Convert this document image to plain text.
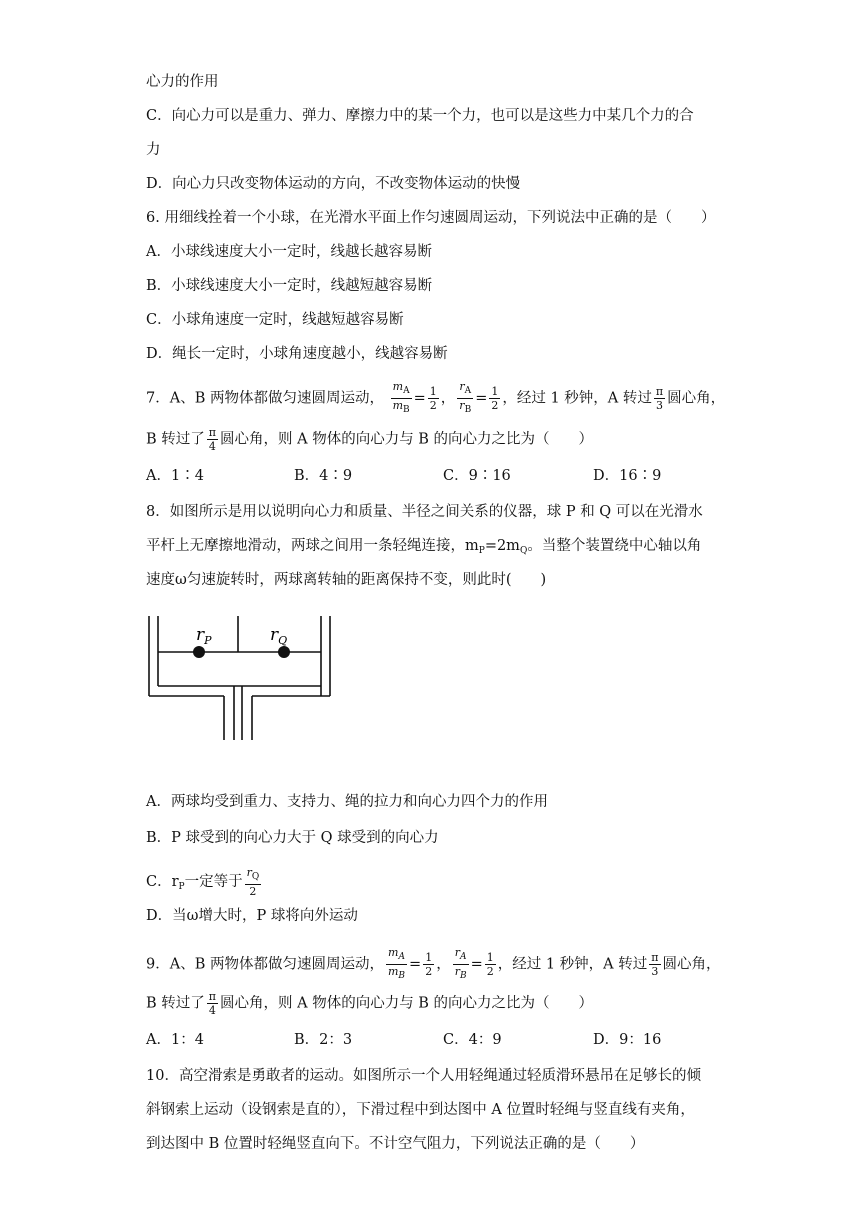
心力的作用
C．向心力可以是重力、弹力、摩擦力中的某一个力，也可以是这些力中某几个力的合
力
D．向心力只改变物体运动的方向，不改变物体运动的快慢
6. 用细线拴着一个小球，在光滑水平面上作匀速圆周运动，下列说法中正确的是（　　）
A．小球线速度大小一定时，线越长越容易断
B．小球线速度大小一定时，线越短越容易断
C．小球角速度一定时，线越短越容易断
D．绳长一定时，小球角速度越小，线越容易断
7．A、B 两物体都做匀速圆周运动， $\frac{m_A}{m_B} = \frac{1}{2}$ ， $\frac{r_A}{r_B} = \frac{1}{2}$ ，经过 1 秒钟，A 转过 $\frac{\pi}{3}$ 圆心角，
B 转过了 $\frac{\pi}{4}$ 圆心角，则 A 物体的向心力与 B 的向心力之比为（　　）
A．1∶4	B．4∶9	C．9∶16	D．16∶9
8．如图所示是用以说明向心力和质量、半径之间关系的仪器，球 P 和 Q 可以在光滑水
平杆上无摩擦地滑动，两球之间用一条轻绳连接，$m_P=2m_Q$。当整个装置绕中心轴以角
速度ω匀速旋转时，两球离转轴的距离保持不变，则此时(　　)
$r_P$	$r_Q$
A．两球均受到重力、支持力、绳的拉力和向心力四个力的作用
B．P 球受到的向心力大于 Q 球受到的向心力
C．$r_P$一定等于 $\frac{r_Q}{2}$
D．当ω增大时，P 球将向外运动
9．A、B 两物体都做匀速圆周运动， $\frac{m_A}{m_B} = \frac{1}{2}$ ， $\frac{r_A}{r_B} = \frac{1}{2}$ ，经过 1 秒钟，A 转过 $\frac{\pi}{3}$ 圆心角，
B 转过了 $\frac{\pi}{4}$ 圆心角，则 A 物体的向心力与 B 的向心力之比为（　　）
A．1：4	B．2：3	C．4：9	D．9：16
10．高空滑索是勇敢者的运动。如图所示一个人用轻绳通过轻质滑环悬吊在足够长的倾
斜钢索上运动（设钢索是直的），下滑过程中到达图中 A 位置时轻绳与竖直线有夹角，
到达图中 B 位置时轻绳竖直向下。不计空气阻力，下列说法正确的是（　　）
